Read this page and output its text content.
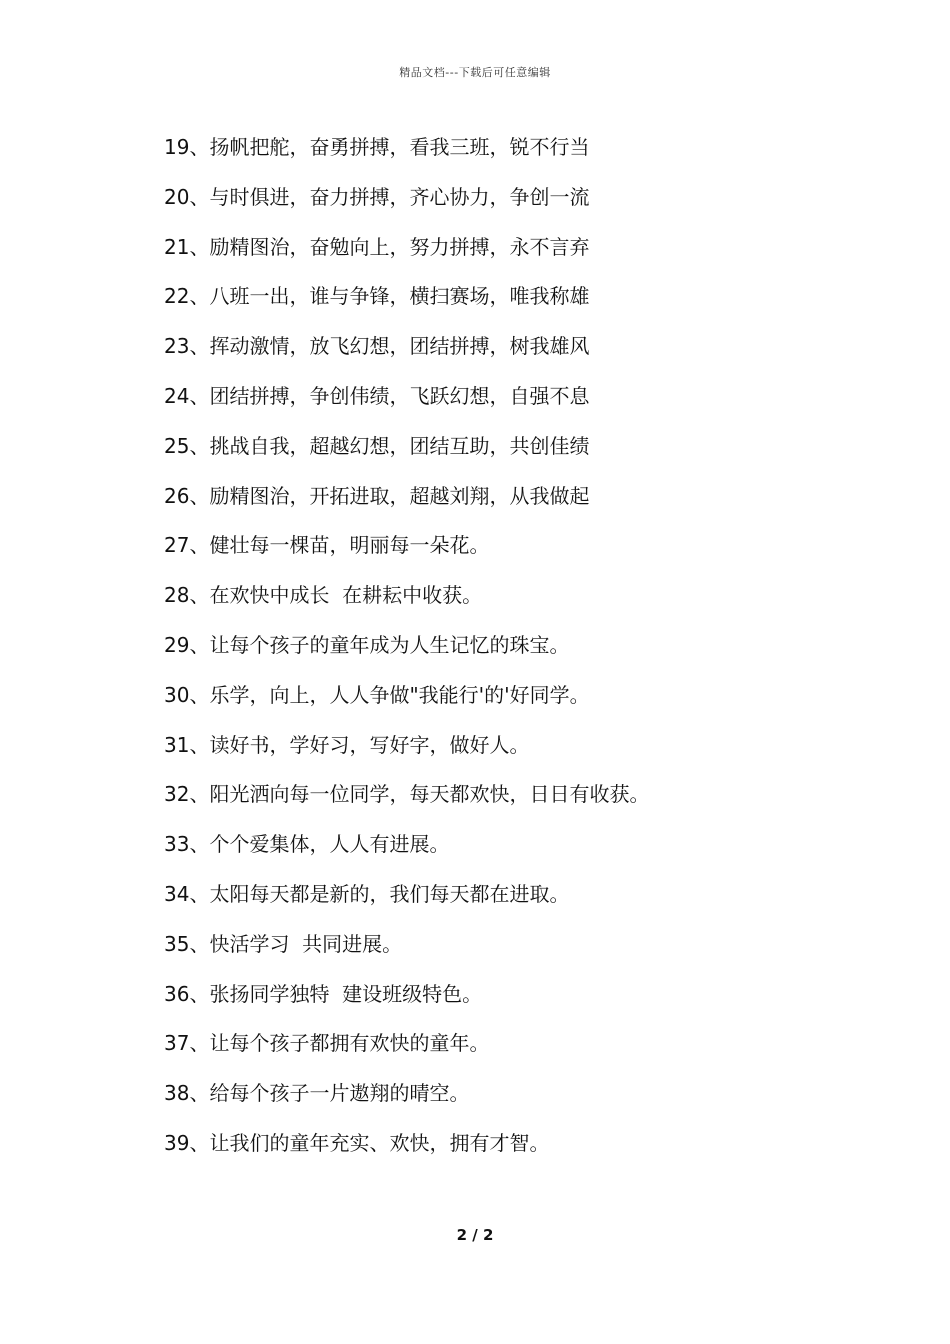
精品文档---下载后可任意编辑
19、扬帆把舵，奋勇拼搏，看我三班，锐不行当
20、与时俱进，奋力拼搏，齐心协力，争创一流
21、励精图治，奋勉向上，努力拼搏，永不言弃
22、八班一出，谁与争锋，横扫赛场，唯我称雄
23、挥动激情，放飞幻想，团结拼搏，树我雄风
24、团结拼搏，争创伟绩，飞跃幻想，自强不息
25、挑战自我，超越幻想，团结互助，共创佳绩
26、励精图治，开拓进取，超越刘翔，从我做起
27、健壮每一棵苗，明丽每一朵花。
28、在欢快中成长  在耕耘中收获。
29、让每个孩子的童年成为人生记忆的珠宝。
30、乐学，向上，人人争做"我能行'的'好同学。
31、读好书，学好习，写好字，做好人。
32、阳光洒向每一位同学，每天都欢快，日日有收获。
33、个个爱集体，人人有进展。
34、太阳每天都是新的，我们每天都在进取。
35、快活学习  共同进展。
36、张扬同学独特  建设班级特色。
37、让每个孩子都拥有欢快的童年。
38、给每个孩子一片遨翔的晴空。
39、让我们的童年充实、欢快，拥有才智。
2 / 2
